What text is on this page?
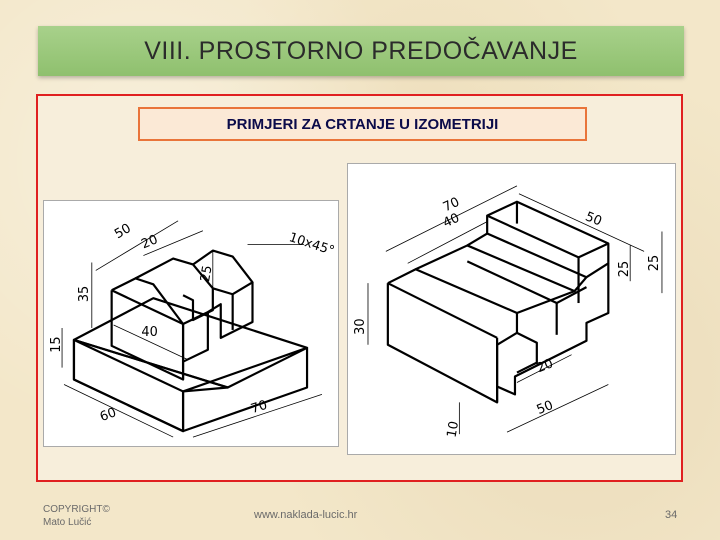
VIII. PROSTORNO PREDOČAVANJE
PRIMJERI ZA CRTANJE U IZOMETRIJI
50
20	10x45°
25
35
40
15
60	70
70
40	50
25 25
30
20
50
10
COPYRIGHT©
Mato Lučić
www.naklada-lucic.hr	34
